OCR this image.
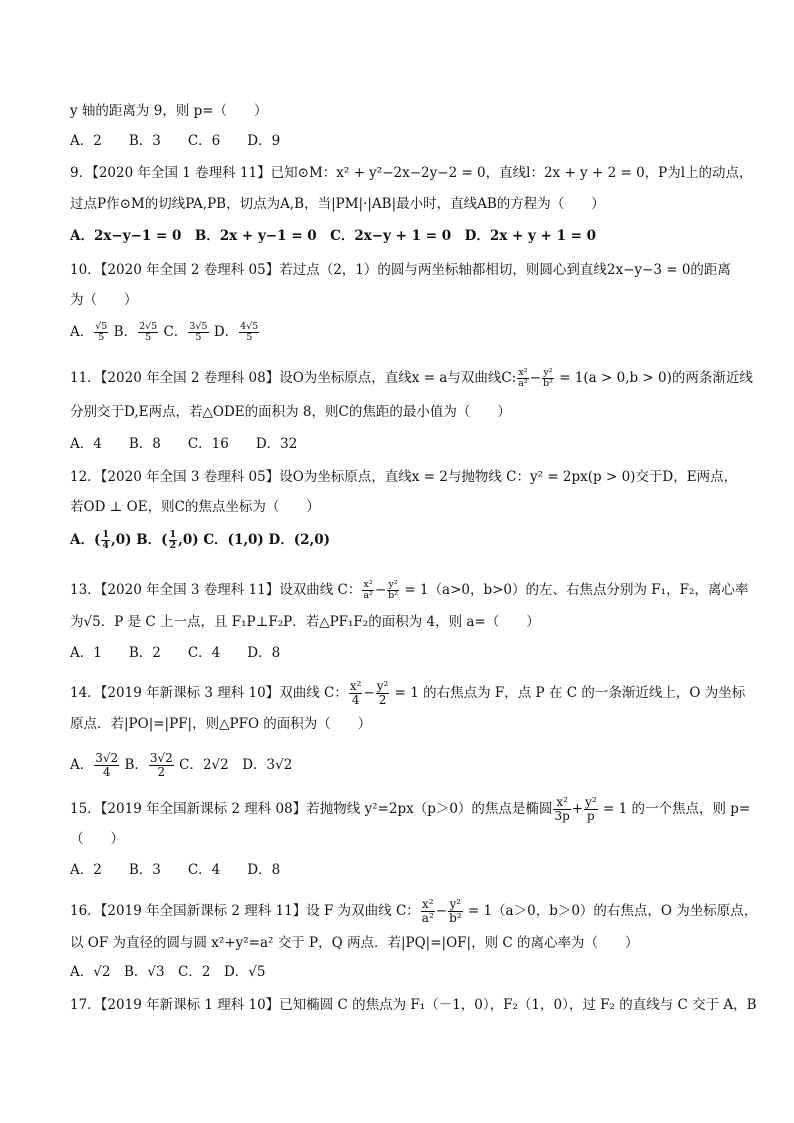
y 轴的距离为 9，则 p=（　　）
A．2　　B．3　　C．6　　D．9
9．【2020 年全国 1 卷理科 11】已知⊙M：x² + y²−2x−2y−2 = 0，直线l：2x + y + 2 = 0，P为l上的动点，
过点P作⊙M的切线PA,PB，切点为A,B，当|PM|·|AB|最小时，直线AB的方程为（　　）
A．2x−y−1 = 0　B．2x + y−1 = 0　C．2x−y + 1 = 0　D．2x + y + 1 = 0
10．【2020 年全国 2 卷理科 05】若过点（2，1）的圆与两坐标轴都相切，则圆心到直线2x−y−3 = 0的距离
为（　　）
A． $\frac{√5}{5}$ B． $\frac{2√5}{5}$ C． $\frac{3√5}{5}$ D． $\frac{4√5}{5}$
11．【2020 年全国 2 卷理科 08】设O为坐标原点，直线x = a与双曲线C: $\frac{\text{x²}}{\text{a²}} - \frac{\text{y²}}{\text{b²}} = 1(a > 0,b > 0)$的两条渐近线
分别交于D,E两点，若△ODE的面积为 8，则C的焦距的最小值为（　　）
A．4　　B．8　　C．16　　D．32
12．【2020 年全国 3 卷理科 05】设O为坐标原点，直线x = 2与抛物线 C：y² = 2px(p > 0)交于D，E两点，
若OD ⊥ OE，则C的焦点坐标为（　　）
A．( $\frac{1}{4} ,0$) B．( $\frac{1}{2} ,0$) C．(1,0) D．(2,0)
13．【2020 年全国 3 卷理科 11】设双曲线 C： $\frac{\text{x²}}{\text{a²}} - \frac{\text{y²}}{\text{b²}} = 1(a>0$，b>0）的左、右焦点分别为 F₁，F₂，离心率
为√5．P 是 C 上一点，且 F₁P⊥F₂P．若△PF₁F₂的面积为 4，则 a=（　　）
A．1　　B．2　　C．4　　D．8
14．【2019 年新课标 3 理科 10】双曲线 C： $\frac{\text{x²}}{4} - \frac{\text{y²}}{2} = 1$ 的右焦点为 F，点 P 在 C 的一条渐近线上，O 为坐标
原点．若|PO|=|PF|，则△PFO 的面积为（　　）
A． $\frac{3√2}{4}$ B． $\frac{3√2}{2}$ C．2√2　D．3√2
15．【2019 年全国新课标 2 理科 08】若抛物线 y²=2px（p＞0）的焦点是椭圆 $\frac{\text{x²}}{3p} + \frac{\text{y²}}{p} = 1$ 的一个焦点，则 p=
（　　）
A．2　　B．3　　C．4　　D．8
16．【2019 年全国新课标 2 理科 11】设 F 为双曲线 C： $\frac{\text{x²}}{\text{a²}} - \frac{\text{y²}}{\text{b²}} = 1(a>0$，b＞0）的右焦点，O 为坐标原点，
以 OF 为直径的圆与圆 x²+y²=a² 交于 P，Q 两点．若|PQ|=|OF|，则 C 的离心率为（　　）
A．√2　B．√3　C．2　D．√5
17．【2019 年新课标 1 理科 10】已知椭圆 C 的焦点为 F₁（－1，0），F₂（1，0），过 F₂ 的直线与 C 交于 A，B
